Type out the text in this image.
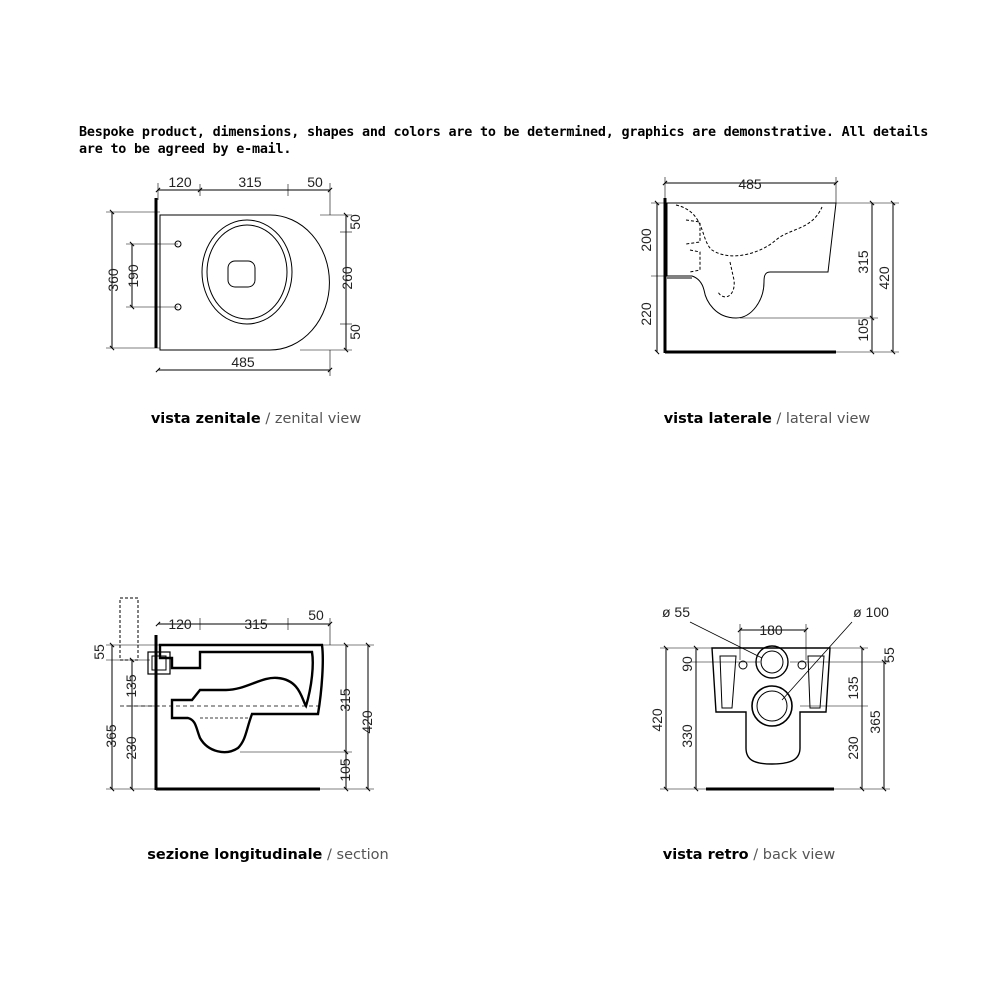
Bespoke product, dimensions, shapes and colors are to be determined, graphics are demonstrative. All details are to be agreed by e-mail.

120	315	50
485
360 190
50
260
50
485
200
220
315
105
420
120	315
50
55
135
365
230
315
105
420
ø 55	ø 100
180
420
90
330
55
135
365
230
vista zenitale / zenital view	vista laterale / lateral view
sezione longitudinale / section	vista retro / back view
